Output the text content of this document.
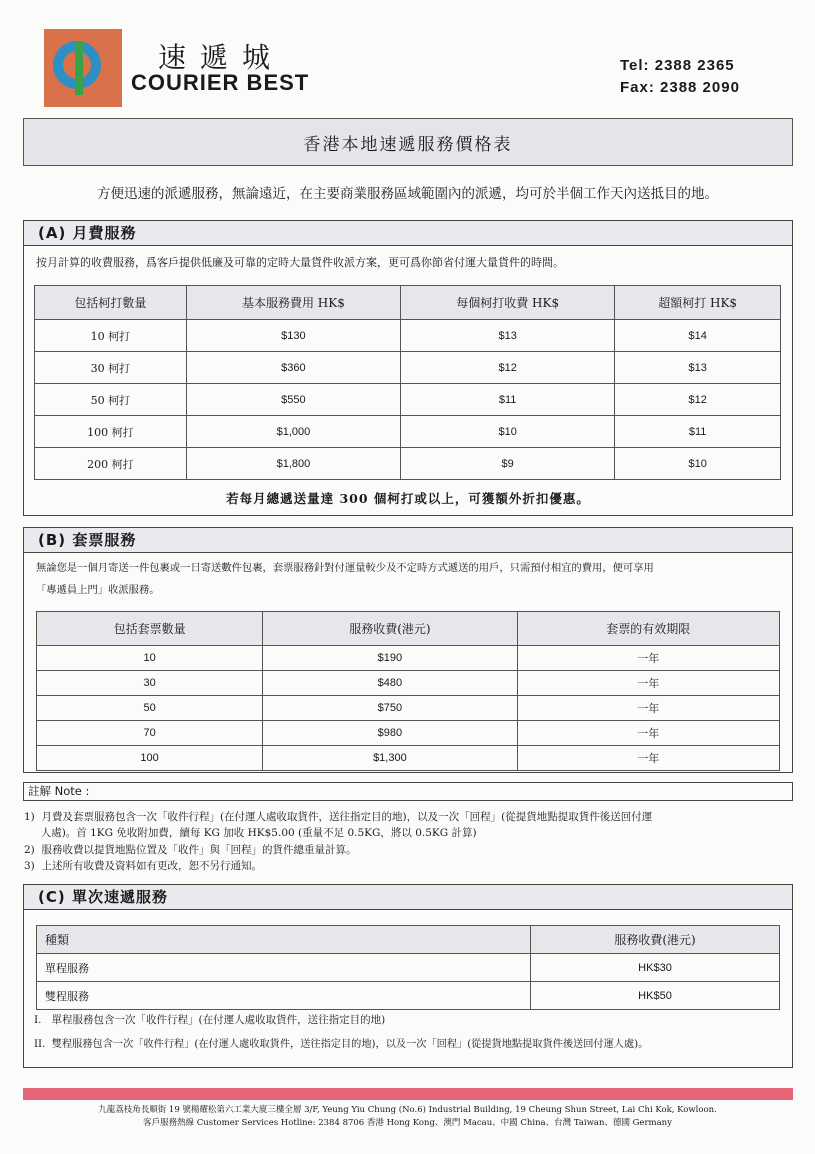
速遞城
COURIER BEST
Tel: 2388 2365
Fax: 2388 2090
香港本地速遞服務價格表
方便迅速的派遞服務，無論遠近，在主要商業服務區域範圍內的派遞，均可於半個工作天內送抵目的地。
(A) 月費服務
按月計算的收費服務，爲客戶提供低廉及可靠的定時大量貨件收派方案，更可爲你節省付運大量貨件的時間。
包括柯打數量	基本服務費用 HK$	每個柯打收費 HK$	超額柯打 HK$
10 柯打	$130	$13	$14
30 柯打	$360	$12	$13
50 柯打	$550	$11	$12
100 柯打	$1,000	$10	$11
200 柯打	$1,800	$9	$10
若每月總遞送量達 300 個柯打或以上，可獲額外折扣優惠。
(B) 套票服務
無論您是一個月寄送一件包裹或一日寄送數件包裹，套票服務針對付運量較少及不定時方式遞送的用戶，只需預付相宜的費用，便可享用
「專遞員上門」收派服務。
包括套票數量	服務收費(港元)	套票的有效期限
10	$190	一年
30	$480	一年
50	$750	一年
70	$980	一年
100	$1,300	一年
註解 Note :
1)  月費及套票服務包含一次「收件行程」(在付運人處收取貨件，送往指定目的地)，以及一次「回程」(從提貨地點提取貨件後送回付運
人處)。首 1KG 免收附加費，續每 KG 加收 HK$5.00 (重量不足 0.5KG，將以 0.5KG 計算)
2)  服務收費以提貨地點位置及「收件」與「回程」的貨件總重量計算。
3)  上述所有收費及資料如有更改，恕不另行通知。
(C) 單次速遞服務
種類	服務收費(港元)
單程服務	HK$30
雙程服務	HK$50
I.   單程服務包含一次「收件行程」(在付運人處收取貨件，送往指定目的地)
II.  雙程服務包含一次「收件行程」(在付運人處收取貨件，送往指定目的地)，以及一次「回程」(從提貨地點提取貨件後送回付運人處)。
九龍荔枝角長順街 19 號楊耀松第六工業大廈三樓全層 3/F, Yeung Yiu Chung (No.6) Industrial Building, 19 Cheung Shun Street, Lai Chi Kok, Kowloon.
客戶服務熱線 Customer Services Hotline: 2384 8706 香港 Hong Kong、澳門 Macau、中國 China、台灣 Taiwan、德國 Germany
